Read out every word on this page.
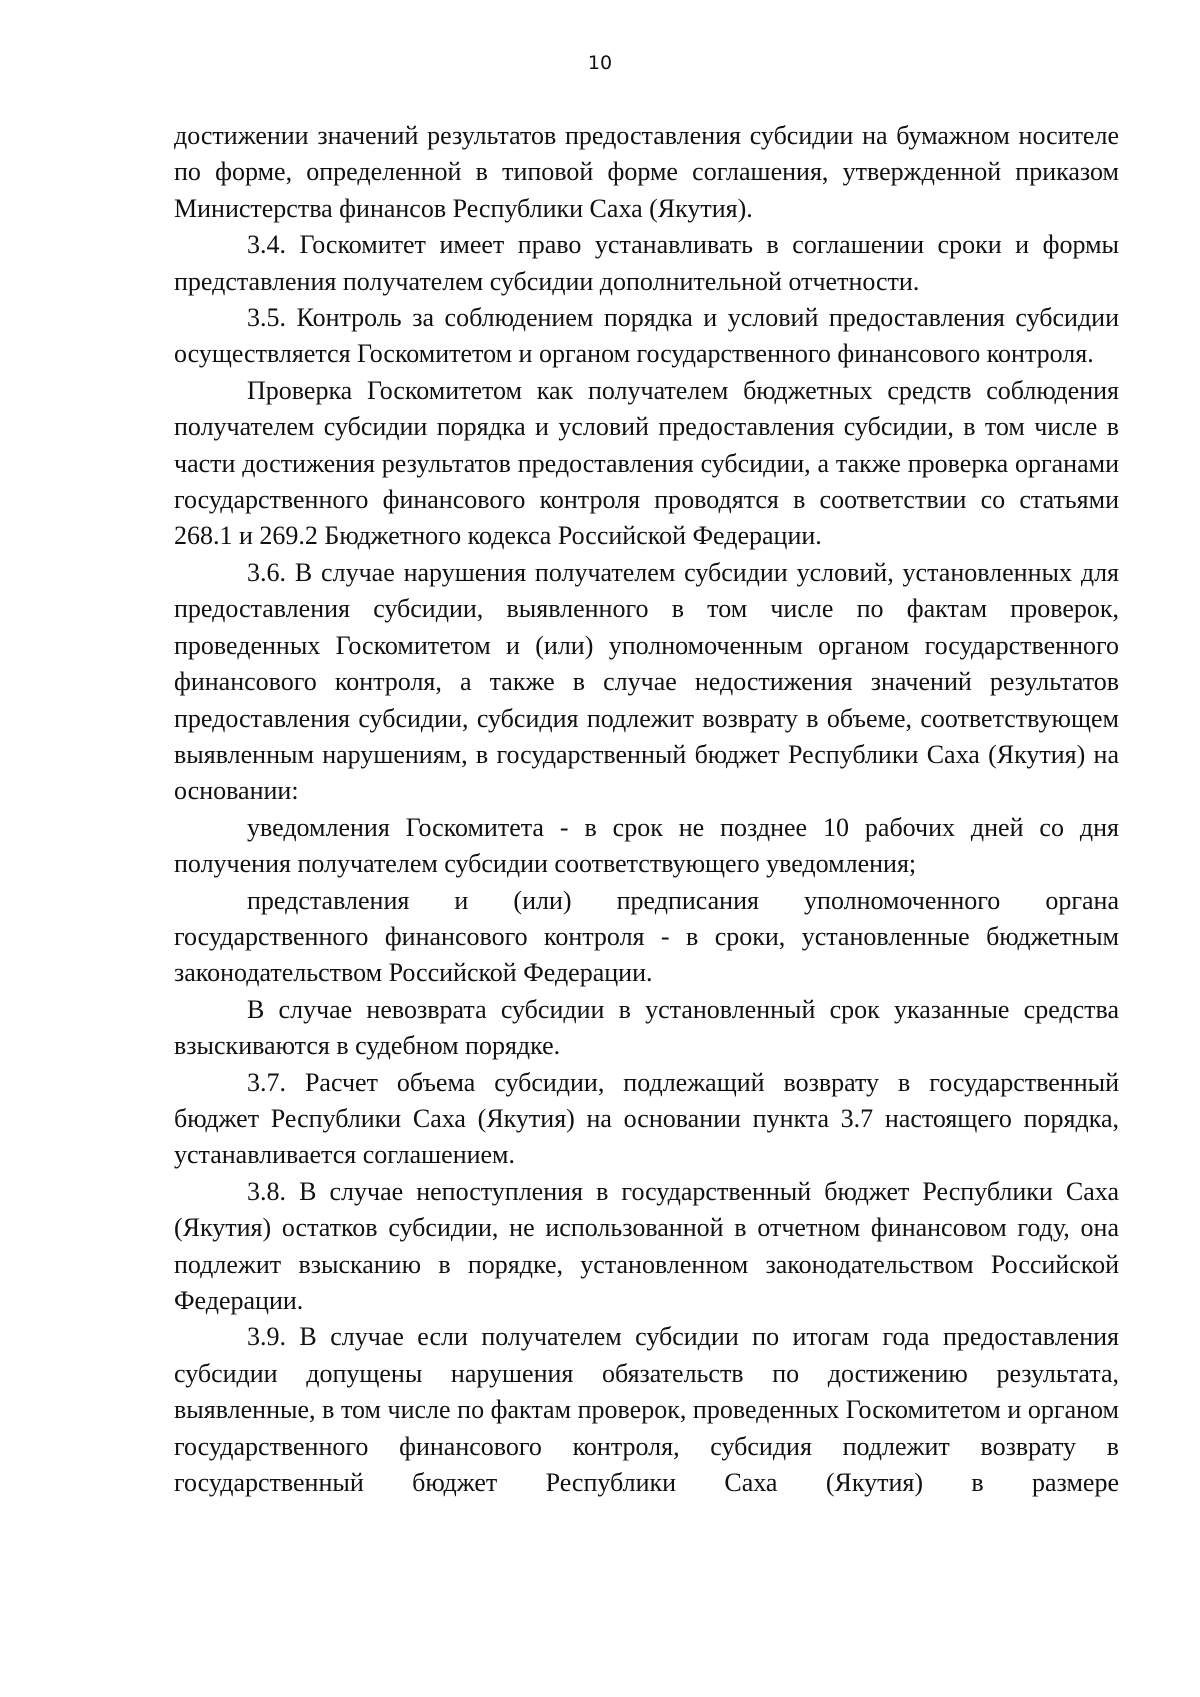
10

достижении значений результатов предоставления субсидии на бумажном носителе по форме, определенной в типовой форме соглашения, утвержденной приказом Министерства финансов Республики Саха (Якутия).

3.4. Госкомитет имеет право устанавливать в соглашении сроки и формы представления получателем субсидии дополнительной отчетности.

3.5. Контроль за соблюдением порядка и условий предоставления субсидии осуществляется Госкомитетом и органом государственного финансового контроля.

Проверка Госкомитетом как получателем бюджетных средств соблюдения получателем субсидии порядка и условий предоставления субсидии, в том числе в части достижения результатов предоставления субсидии, а также проверка органами государственного финансового контроля проводятся в соответствии со статьями 268.1 и 269.2 Бюджетного кодекса Российской Федерации.

3.6. В случае нарушения получателем субсидии условий, установленных для предоставления субсидии, выявленного в том числе по фактам проверок, проведенных Госкомитетом и (или) уполномоченным органом государственного финансового контроля, а также в случае недостижения значений результатов предоставления субсидии, субсидия подлежит возврату в объеме, соответствующем выявленным нарушениям, в государственный бюджет Республики Саха (Якутия) на основании:

уведомления Госкомитета - в срок не позднее 10 рабочих дней со дня получения получателем субсидии соответствующего уведомления;

представления и (или) предписания уполномоченного органа государственного финансового контроля - в сроки, установленные бюджетным законодательством Российской Федерации.

В случае невозврата субсидии в установленный срок указанные средства взыскиваются в судебном порядке.

3.7. Расчет объема субсидии, подлежащий возврату в государственный бюджет Республики Саха (Якутия) на основании пункта 3.7 настоящего порядка, устанавливается соглашением.

3.8. В случае непоступления в государственный бюджет Республики Саха (Якутия) остатков субсидии, не использованной в отчетном финансовом году, она подлежит взысканию в порядке, установленном законодательством Российской Федерации.

3.9. В случае если получателем субсидии по итогам года предоставления субсидии допущены нарушения обязательств по достижению результата, выявленные, в том числе по фактам проверок, проведенных Госкомитетом и органом государственного финансового контроля, субсидия подлежит возврату в государственный бюджет Республики Саха (Якутия) в размере
